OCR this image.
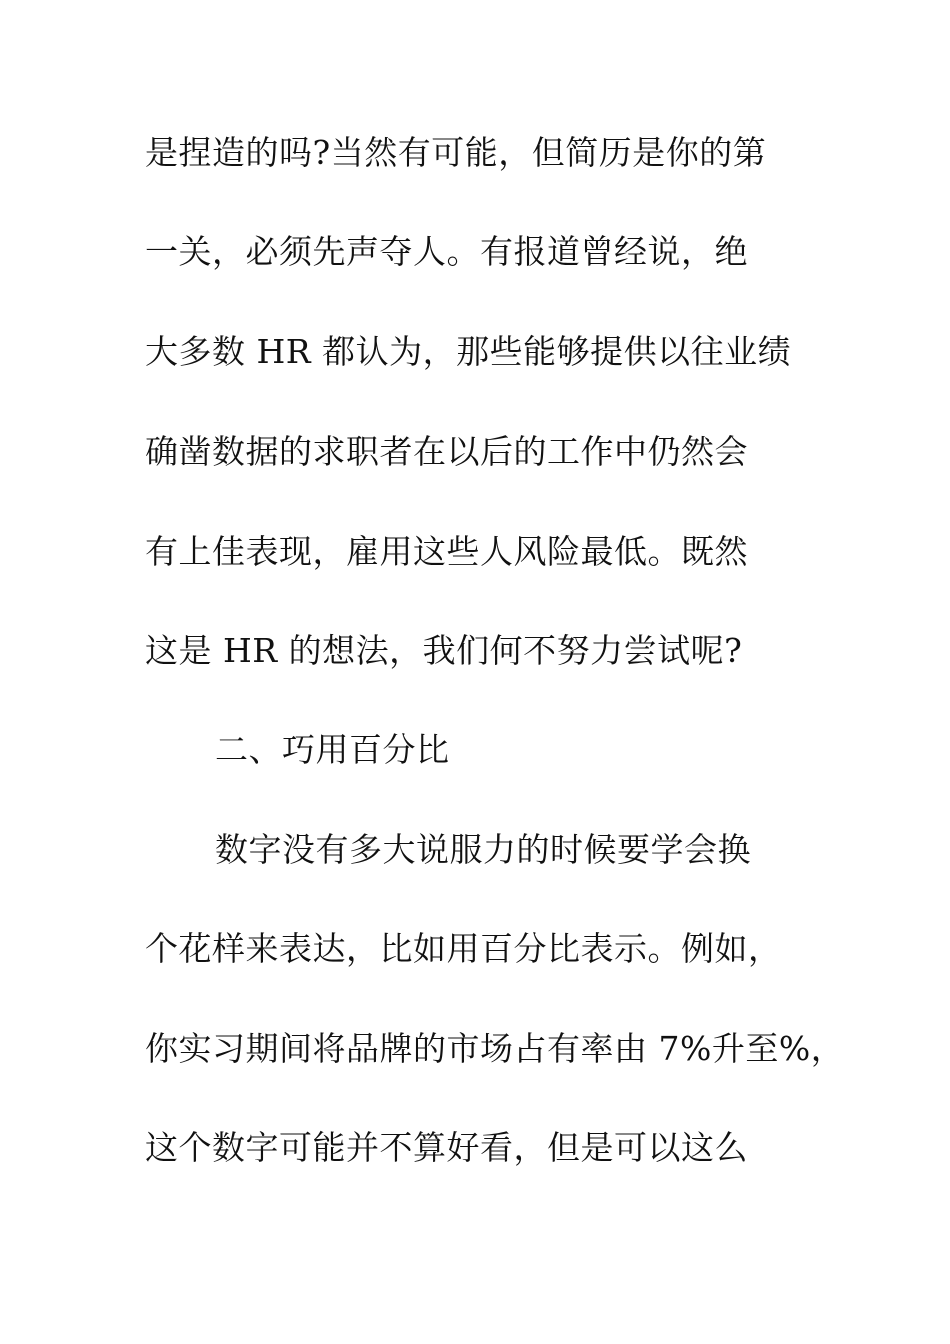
是捏造的吗?当然有可能，但简历是你的第

一关，必须先声夺人。有报道曾经说，绝

大多数 HR 都认为，那些能够提供以往业绩

确凿数据的求职者在以后的工作中仍然会

有上佳表现，雇用这些人风险最低。既然

这是 HR 的想法，我们何不努力尝试呢?

二、巧用百分比

数字没有多大说服力的时候要学会换

个花样来表达，比如用百分比表示。例如，

你实习期间将品牌的市场占有率由 7%升至%，

这个数字可能并不算好看，但是可以这么
